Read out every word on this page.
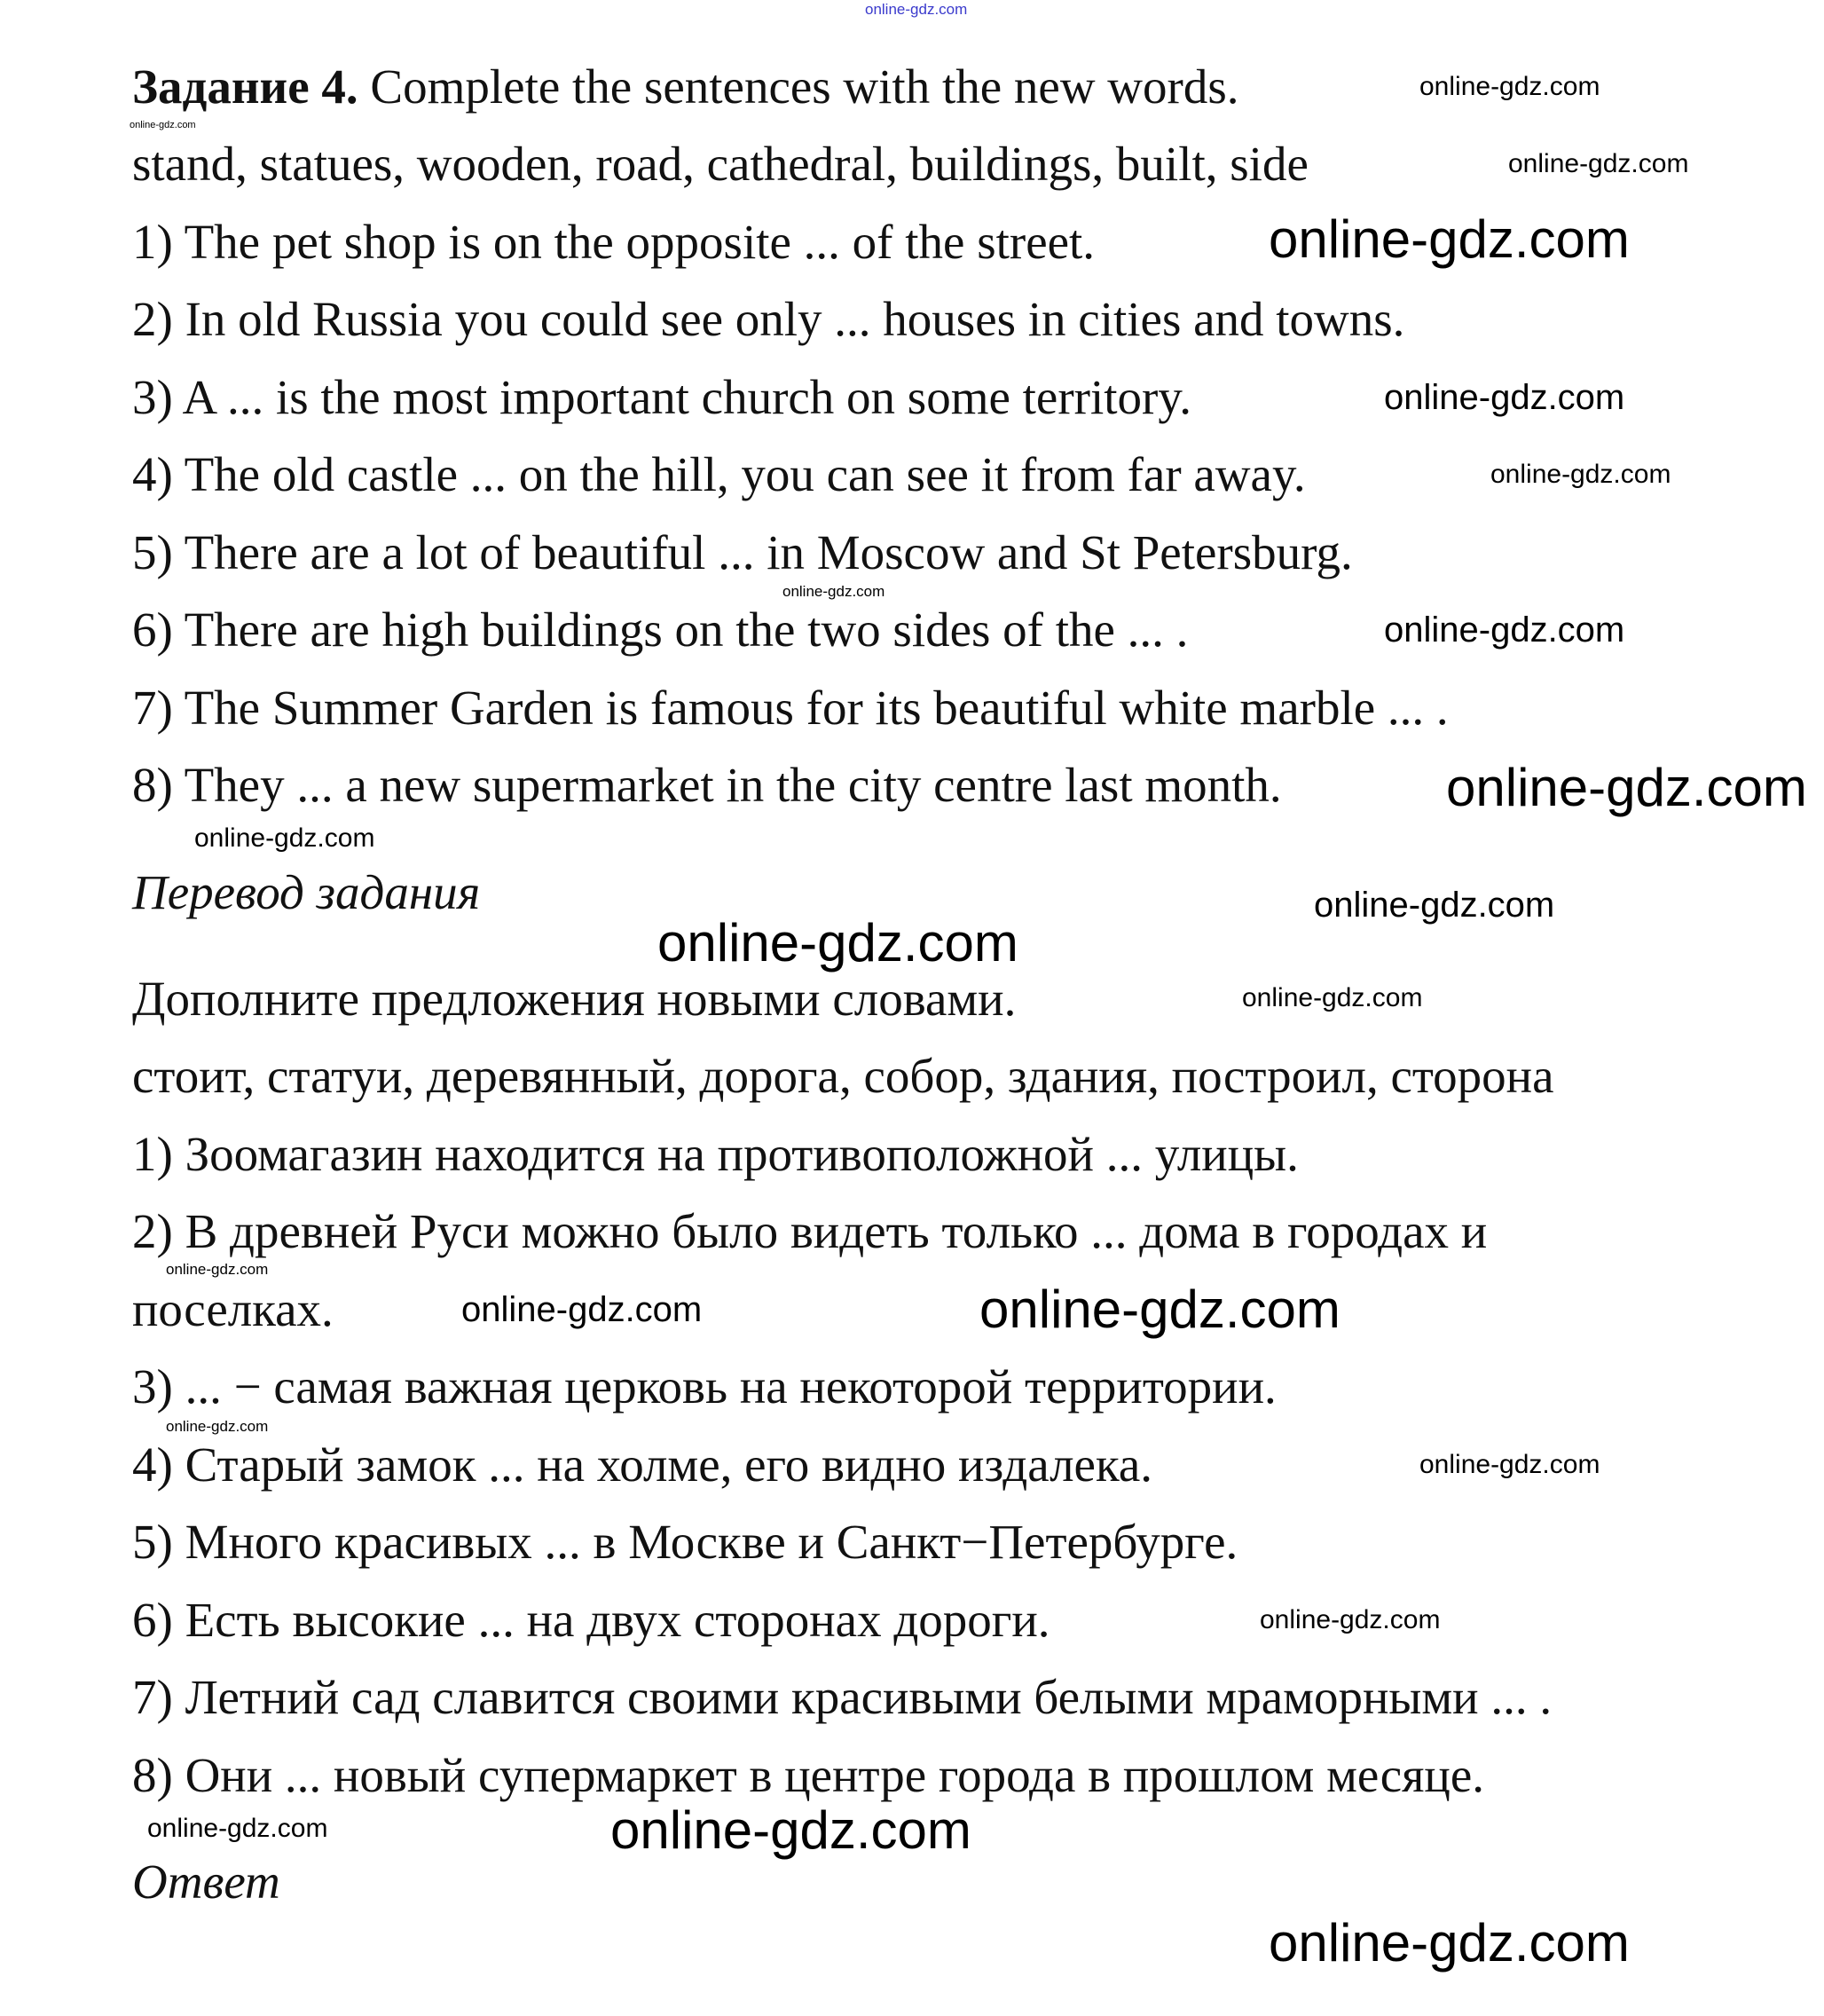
Задание 4. Complete the sentences with the new words.
stand, statues, wooden, road, cathedral, buildings, built, side
1) The pet shop is on the opposite ... of the street.
2) In old Russia you could see only ... houses in cities and towns.
3) A ... is the most important church on some territory.
4) The old castle ... on the hill, you can see it from far away.
5) There are a lot of beautiful ... in Moscow and St Petersburg.
6) There are high buildings on the two sides of the ... .
7) The Summer Garden is famous for its beautiful white marble ... .
8) They ... a new supermarket in the city centre last month.
Перевод задания
Дополните предложения новыми словами.
стоит, статуи, деревянный, дорога, собор, здания, построил, сторона
1) Зоомагазин находится на противоположной ... улицы.
2) В древней Руси можно было видеть только ... дома в городах и
поселках.
3) ... − самая важная церковь на некоторой территории.
4) Старый замок ... на холме, его видно издалека.
5) Много красивых ... в Москве и Санкт−Петербурге.
6) Есть высокие ... на двух сторонах дороги.
7) Летний сад славится своими красивыми белыми мраморными ... .
8) Они ... новый супермаркет в центре города в прошлом месяце.
Ответ
online-gdz.com
online-gdz.com
online-gdz.com
online-gdz.com
online-gdz.com
online-gdz.com
online-gdz.com
online-gdz.com
online-gdz.com
online-gdz.com
online-gdz.com
online-gdz.com
online-gdz.com
online-gdz.com
online-gdz.com
online-gdz.com	online-gdz.com
online-gdz.com
online-gdz.com
online-gdz.com
online-gdz.com
online-gdz.com	online-gdz.com
